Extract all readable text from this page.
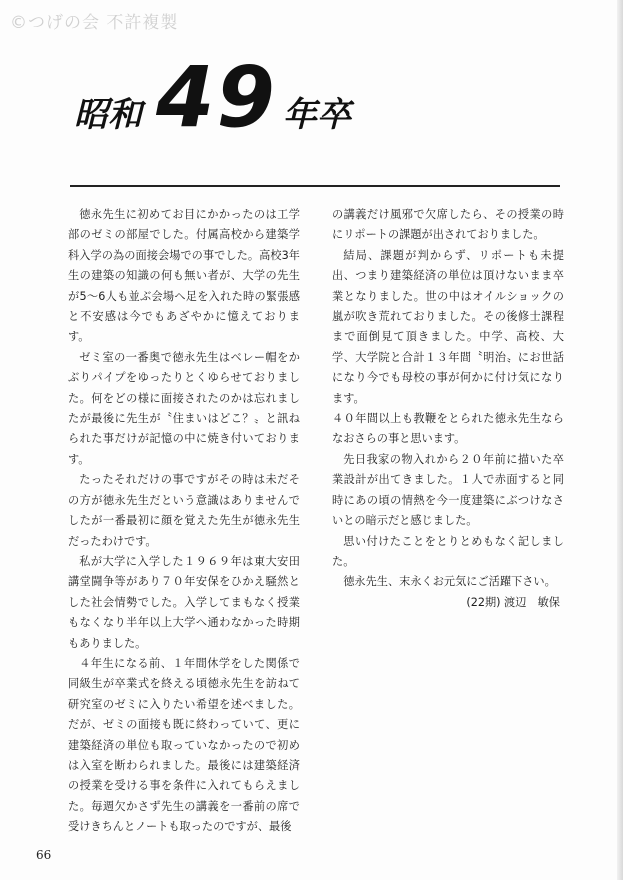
©つげの会 不許複製
昭和 49 年卒

徳永先生に初めてお目にかかったのは工学部のゼミの部屋でした。付属高校から建築学科入学の為の面接会場での事でした。高校3年生の建築の知識の何も無い者が、大学の先生が5～6人も並ぶ会場へ足を入れた時の緊張感と不安感は今でもあざやかに憶えております。

ゼミ室の一番奥で徳永先生はベレー帽をかぶりパイプをゆったりとくゆらせておりました。何をどの様に面接されたのかは忘れましたが最後に先生が〝住まいはどこ？〟と訊ねられた事だけが記憶の中に焼き付いております。

たったそれだけの事ですがその時は未だその方が徳永先生だという意識はありませんでしたが一番最初に顔を覚えた先生が徳永先生だったわけです。

私が大学に入学した１９６９年は東大安田講堂闘争等があり７０年安保をひかえ騒然とした社会情勢でした。入学してまもなく授業もなくなり半年以上大学へ通わなかった時期もありました。

４年生になる前、１年間休学をした関係で同級生が卒業式を終える頃徳永先生を訪ねて研究室のゼミに入りたい希望を述べました。だが、ゼミの面接も既に終わっていて、更に建築経済の単位も取っていなかったので初めは入室を断わられました。最後には建築経済の授業を受ける事を条件に入れてもらえました。毎週欠かさず先生の講義を一番前の席で受けきちんとノートも取ったのですが、最後

の講義だけ風邪で欠席したら、その授業の時にリポートの課題が出されておりました。

結局、課題が判からず、リポートも未提出、つまり建築経済の単位は頂けないまま卒業となりました。世の中はオイルショックの嵐が吹き荒れておりました。その後修士課程まで面倒見て頂きました。中学、高校、大学、大学院と合計１３年間〝明治〟にお世話になり今でも母校の事が何かに付け気になります。

４０年間以上も教鞭をとられた徳永先生ならなおさらの事と思います。

先日我家の物入れから２０年前に描いた卒業設計が出てきました。１人で赤面すると同時にあの頃の情熱を今一度建築にぶつけなさいとの暗示だと感じました。

思い付けたことをとりとめもなく記しました。

徳永先生、末永くお元気にご活躍下さい。

(22期) 渡辺　敏保

66
